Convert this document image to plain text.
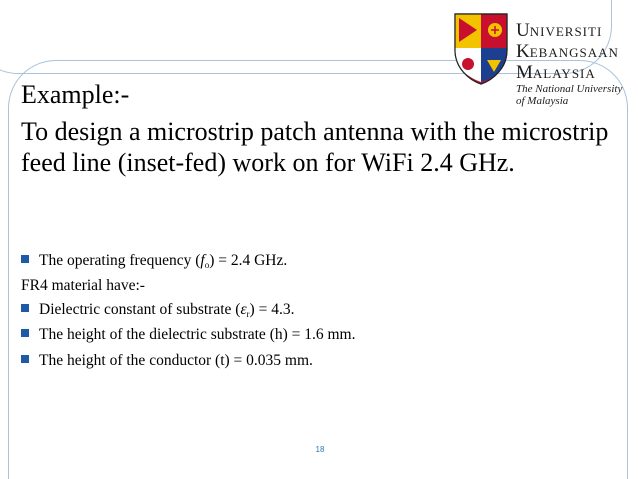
UNIVERSITI
KEBANGSAAN
MALAYSIA
The National University
of Malaysia
Example:-
To design a microstrip patch antenna with the microstrip feed line (inset-fed) work on for WiFi 2.4 GHz.
The operating frequency $(f_o) = 2.4$ GHz.
FR4 material have:-
Dielectric constant of substrate $(\varepsilon_r) = 4.3$.
The height of the dielectric substrate (h) = 1.6 mm.
The height of the conductor (t) = 0.035 mm.
18
